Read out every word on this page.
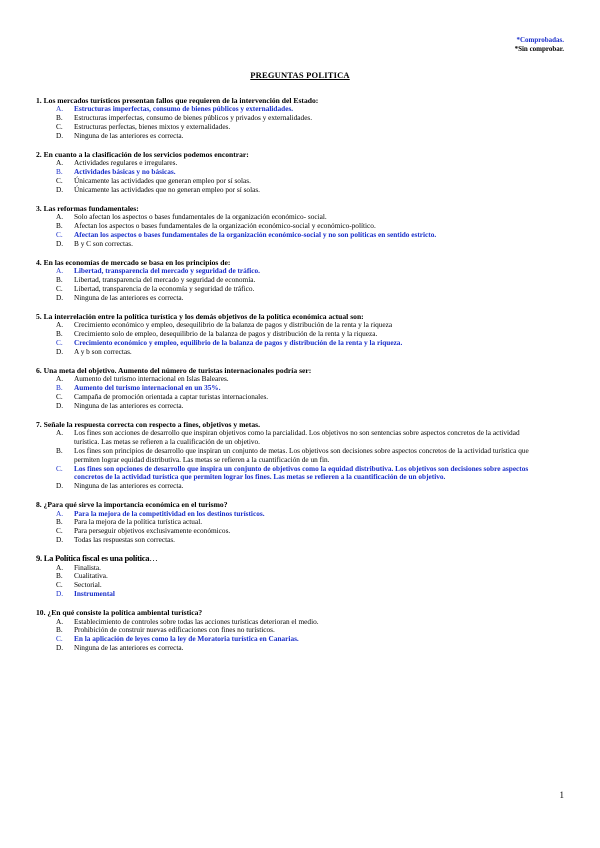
*Comprobadas.
*Sin comprobar.
PREGUNTAS POLITICA
1. Los mercados turísticos presentan fallos que requieren de la intervención del Estado:
A.	Estructuras imperfectas, consumo de bienes públicos y externalidades.
B.	Estructuras imperfectas, consumo de bienes públicos y privados y externalidades.
C.	Estructuras perfectas, bienes mixtos y externalidades.
D.	Ninguna de las anteriores es correcta.
2. En cuanto a la clasificación de los servicios podemos encontrar:
A.	Actividades regulares e irregulares.
B.	Actividades básicas y no básicas.
C.	Únicamente las actividades que generan empleo por sí solas.
D.	Únicamente las actividades que no generan empleo por sí solas.
3. Las reformas fundamentales:
A.	Solo afectan los aspectos o bases fundamentales de la organización económico- social.
B.	Afectan los aspectos o bases fundamentales de la organización económico-social y económico-político.
C.	Afectan los aspectos o bases fundamentales de la organización económico-social y no son políticas en sentido estricto.
D.	B y C son correctas.
4. En las economías de mercado se basa en los principios de:
A.	Libertad, transparencia del mercado y seguridad de tráfico.
B.	Libertad, transparencia del mercado y seguridad de economía.
C.	Libertad, transparencia de la economía y seguridad de tráfico.
D.	Ninguna de las anteriores es correcta.
5. La interrelación entre la política turística y los demás objetivos de la política económica actual son:
A.	Crecimiento económico y empleo, desequilibrio de la balanza de pagos y distribución de la renta y la riqueza
B.	Crecimiento solo de empleo, desequilibrio de la balanza de pagos y distribución de la renta y la riqueza.
C.	Crecimiento económico y empleo, equilibrio de la balanza de pagos y distribución de la renta y la riqueza.
D.	A y b son correctas.
6. Una meta del objetivo. Aumento del número de turistas internacionales podría ser:
A.	Aumento del turismo internacional en Islas Baleares.
B.	Aumento del turismo internacional en un 35%.
C.	Campaña de promoción orientada a captar turistas internacionales.
D.	Ninguna de las anteriores es correcta.
7. Señale la respuesta correcta con respecto a fines, objetivos y metas.
A.	Los fines son acciones de desarrollo que inspiran objetivos como la parcialidad. Los objetivos no son sentencias sobre aspectos concretos de la actividad turística. Las metas se refieren a la cualificación de un objetivo.
B.	Los fines son principios de desarrollo que inspiran un conjunto de metas. Los objetivos son decisiones sobre aspectos concretos de la actividad turística que permiten lograr equidad distributiva. Las metas se refieren a la cuantificación de un fin.
C.	Los fines son opciones de desarrollo que inspira un conjunto de objetivos como la equidad distributiva. Los objetivos son decisiones sobre aspectos concretos de la actividad turística que permiten lograr los fines. Las metas se refieren a la cuantificación de un objetivo.
D.	Ninguna de las anteriores es correcta.
8. ¿Para qué sirve la importancia económica en el turismo?
A.	Para la mejora de la competitividad en los destinos turísticos.
B.	Para la mejora de la política turística actual.
C.	Para perseguir objetivos exclusivamente económicos.
D.	Todas las respuestas son correctas.
9. La Política fiscal es una política…
A.	Finalista.
B.	Cualitativa.
C.	Sectorial.
D.	Instrumental
10. ¿En qué consiste la política ambiental turística?
A.	Establecimiento de controles sobre todas las acciones turísticas deterioran el medio.
B.	Prohibición de construir nuevas edificaciones con fines no turísticos.
C.	En la aplicación de leyes como la ley de Moratoria turística en Canarias.
D.	Ninguna de las anteriores es correcta.
1
